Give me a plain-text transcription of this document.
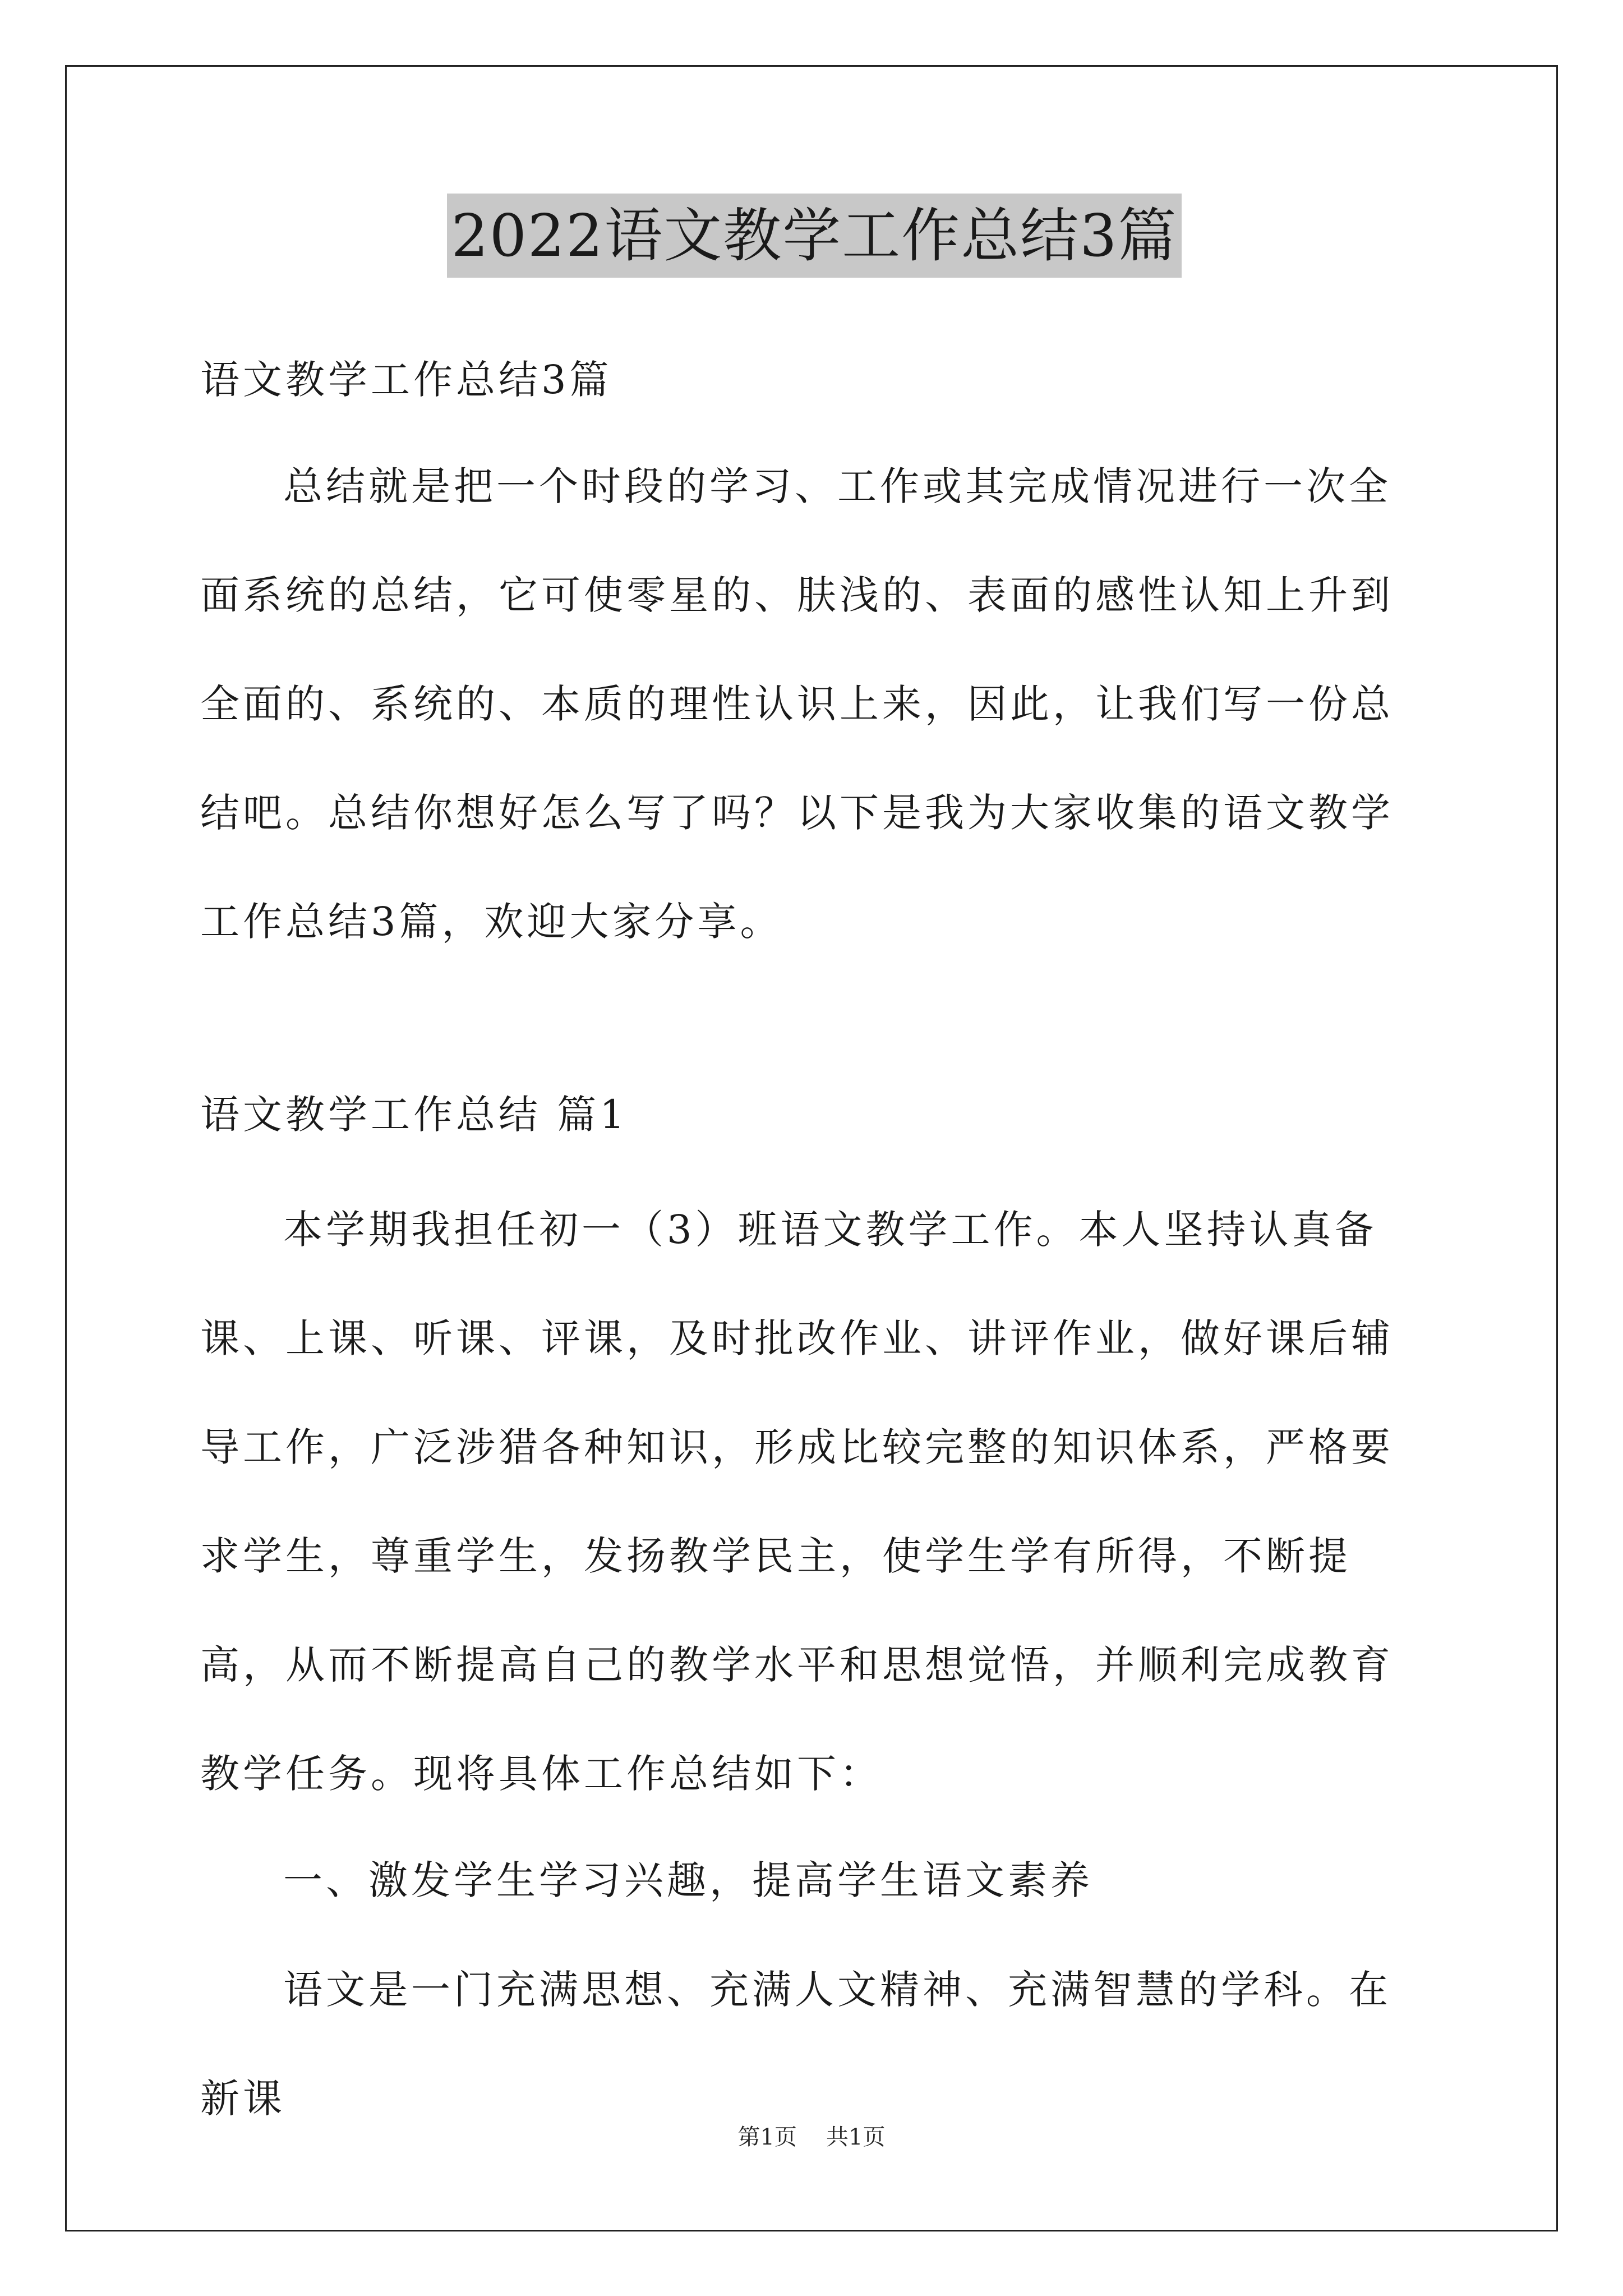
2022语文教学工作总结3篇

语文教学工作总结3篇

总结就是把一个时段的学习、工作或其完成情况进行一次全面系统的总结，它可使零星的、肤浅的、表面的感性认知上升到全面的、系统的、本质的理性认识上来，因此，让我们写一份总结吧。总结你想好怎么写了吗？以下是我为大家收集的语文教学工作总结3篇，欢迎大家分享。

语文教学工作总结 篇1

本学期我担任初一（3）班语文教学工作。本人坚持认真备课、上课、听课、评课，及时批改作业、讲评作业，做好课后辅导工作，广泛涉猎各种知识，形成比较完整的知识体系，严格要求学生，尊重学生，发扬教学民主，使学生学有所得，不断提高，从而不断提高自己的教学水平和思想觉悟，并顺利完成教育教学任务。现将具体工作总结如下：

一、激发学生学习兴趣，提高学生语文素养

语文是一门充满思想、充满人文精神、充满智慧的学科。在新课

第1页 共1页
